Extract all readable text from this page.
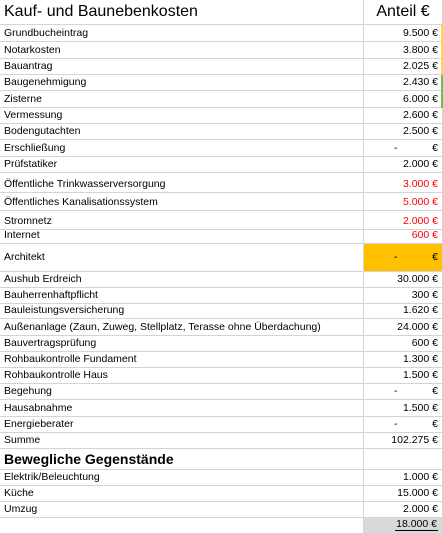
Kauf- und Baunebenkosten	Anteil €
Grundbucheintrag	9.500 €
Notarkosten	3.800 €
Bauantrag	2.025 €
Baugenehmigung	2.430 €
Zisterne	6.000 €
Vermessung	2.600 €
Bodengutachten	2.500 €
Erschließung	-	€
Prüfstatiker	2.000 €
Öffentliche Trinkwasserversorgung	3.000 €
Öffentliches Kanalisationssystem	5.000 €
Stromnetz	2.000 €
Internet	600 €
Architekt	-	€
Aushub Erdreich	30.000 €
Bauherrenhaftpflicht	300 €
Bauleistungsversicherung	1.620 €
Außenanlage (Zaun, Zuweg, Stellplatz, Terasse ohne Überdachung)	24.000 €
Bauvertragsprüfung	600 €
Rohbaukontrolle Fundament	1.300 €
Rohbaukontrolle Haus	1.500 €
Begehung	-	€
Hausabnahme	1.500 €
Energieberater	-	€
Summe	102.275 €
Bewegliche Gegenstände
Elektrik/Beleuchtung	1.000 €
Küche	15.000 €
Umzug	2.000 €
18.000 €
